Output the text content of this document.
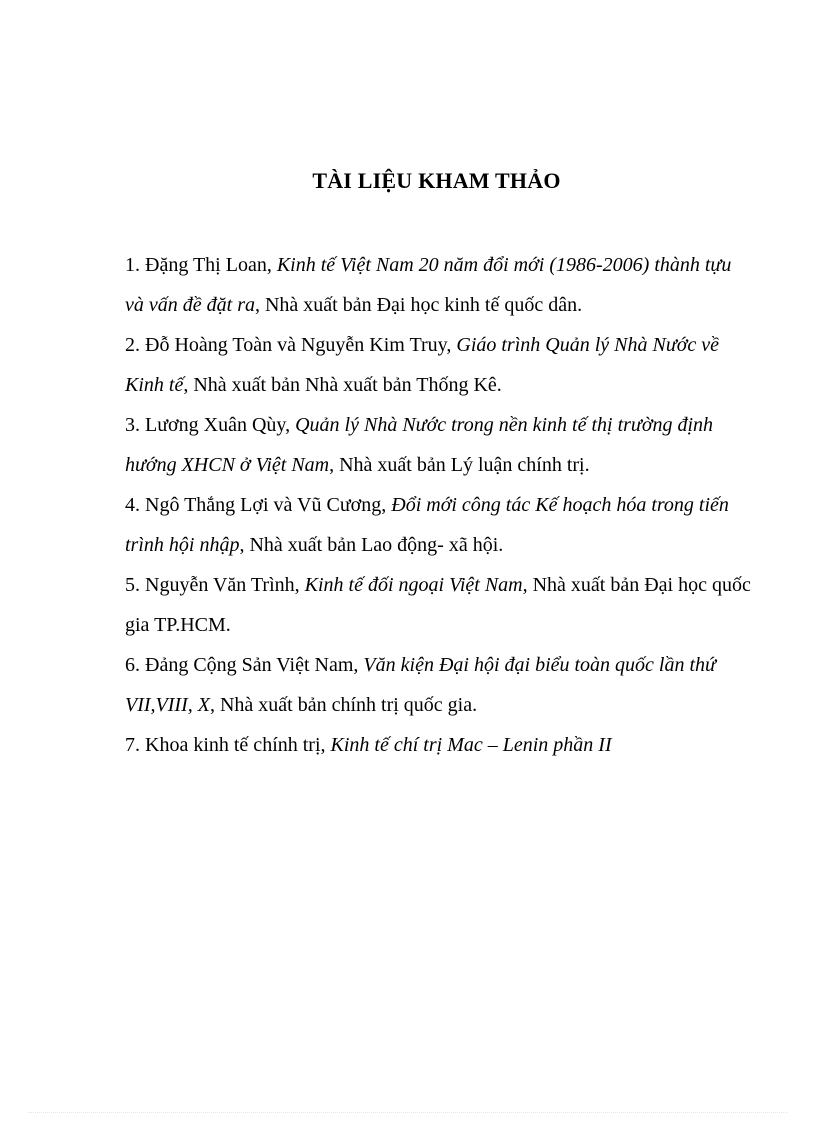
TÀI LIỆU KHAM THẢO

1. Đặng Thị Loan, Kinh tế Việt Nam 20 năm đổi mới (1986-2006) thành tựu và vấn đề đặt ra, Nhà xuất bản Đại học kinh tế quốc dân.

2. Đỗ Hoàng Toàn và Nguyễn Kim Truy, Giáo trình Quản lý Nhà Nước về Kinh tế, Nhà xuất bản Nhà xuất bản Thống Kê.

3. Lương Xuân Qùy, Quản lý Nhà Nước trong nền kinh tế thị trường định hướng XHCN ở Việt Nam, Nhà xuất bản Lý luận chính trị.

4. Ngô Thắng Lợi và Vũ Cương, Đổi mới công tác Kế hoạch hóa trong tiến trình hội nhập, Nhà xuất bản Lao động- xã hội.

5. Nguyễn Văn Trình, Kinh tế đối ngoại Việt Nam, Nhà xuất bản Đại học quốc gia TP.HCM.

6. Đảng Cộng Sản Việt Nam, Văn kiện Đại hội đại biểu toàn quốc lần thứ VII,VIII, X, Nhà xuất bản chính trị quốc gia.

7. Khoa kinh tế chính trị, Kinh tế chí trị Mac – Lenin phần II
